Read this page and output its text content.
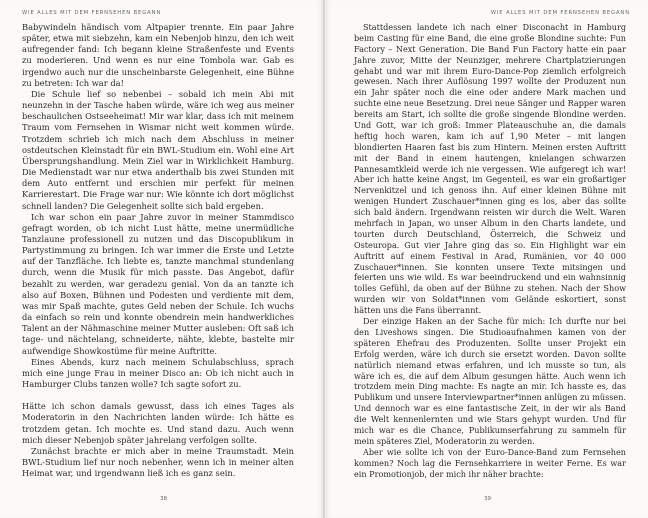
WIE ALLES MIT DEM FERNSEHEN BEGANN

Babywindeln händisch vom Altpapier trennte. Ein paar Jahre später, etwa mit siebzehn, kam ein Nebenjob hinzu, den ich weit aufregender fand: Ich begann kleine Straßenfeste und Events zu moderieren. Und wenn es nur eine Tombola war. Gab es irgendwo auch nur die unscheinbarste Gelegenheit, eine Bühne zu betreten: Ich war da!

Die Schule lief so nebenbei – sobald ich mein Abi mit neunzehn in der Tasche haben würde, wäre ich weg aus meiner beschaulichen Ostseeheimat! Mir war klar, dass ich mit meinem Traum vom Fernsehen in Wismar nicht weit kommen würde. Trotzdem schrieb ich mich nach dem Abschluss in meiner ostdeutschen Kleinstadt für ein BWL-Studium ein. Wohl eine Art Übersprungshandlung. Mein Ziel war in Wirklichkeit Hamburg. Die Medienstadt war nur etwa anderthalb bis zwei Stunden mit dem Auto entfernt und erschien mir perfekt für meinen Karrierestart. Die Frage war nur: Wie könnte ich dort möglichst schnell landen? Die Gelegenheit sollte sich bald ergeben.

Ich war schon ein paar Jahre zuvor in meiner Stammdisco gefragt worden, ob ich nicht Lust hätte, meine unermüdliche Tanzlaune professionell zu nutzen und das Discopublikum in Partystimmung zu bringen. Ich war immer die Erste und Letzte auf der Tanzfläche. Ich liebte es, tanzte manchmal stundenlang durch, wenn die Musik für mich passte. Das Angebot, dafür bezahlt zu werden, war geradezu genial. Von da an tanzte ich also auf Boxen, Bühnen und Podesten und verdiente mit dem, was mir Spaß machte, gutes Geld neben der Schule. Ich wuchs da einfach so rein und konnte obendrein mein handwerkliches Talent an der Nähmaschine meiner Mutter ausleben: Oft saß ich tage- und nächtelang, schneiderte, nähte, klebte, bastelte mir aufwendige Showkostüme für meine Auftritte.

Eines Abends, kurz nach meinem Schulabschluss, sprach mich eine junge Frau in meiner Disco an: Ob ich nicht auch in Hamburger Clubs tanzen wolle? Ich sagte sofort zu.

Hätte ich schon damals gewusst, dass ich eines Tages als Moderatorin in den Nachrichten landen würde: Ich hätte es trotzdem getan. Ich mochte es. Und stand dazu. Auch wenn mich dieser Nebenjob später jahrelang verfolgen sollte.

Zunächst brachte er mich aber in meine Traumstadt. Mein BWL-Studium lief nur noch nebenher, wenn ich in meiner alten Heimat war, und irgendwann ließ ich es ganz sein.

38
WIE ALLES MIT DEM FERNSEHEN BEGANN

Stattdessen landete ich nach einer Disconacht in Hamburg beim Casting für eine Band, die eine große Blondine suchte: Fun Factory – Next Generation. Die Band Fun Factory hatte ein paar Jahre zuvor, Mitte der Neunziger, mehrere Chartplatzierungen gehabt und war mit ihrem Euro-Dance-Pop ziemlich erfolgreich gewesen. Nach ihrer Auflösung 1997 wollte der Produzent nun ein Jahr später noch die eine oder andere Mark machen und suchte eine neue Besetzung. Drei neue Sänger und Rapper waren bereits am Start, ich sollte die große singende Blondine werden. Und Gott, war ich groß: Immer Plateauschuhe an, die damals heftig hoch waren, kam ich auf 1,90 Meter – mit langen blondierten Haaren fast bis zum Hintern. Meinen ersten Auftritt mit der Band in einem hautengen, knielangen schwarzen Pannesamtkleid werde ich nie vergessen. Wie aufgeregt ich war! Aber ich hatte keine Angst, im Gegenteil, es war ein großartiger Nervenkitzel und ich genoss ihn. Auf einer kleinen Bühne mit wenigen Hundert Zuschauer*innen ging es los, aber das sollte sich bald ändern. Irgendwann reisten wir durch die Welt. Waren mehrfach in Japan, wo unser Album in den Charts landete, und tourten durch Deutschland, Österreich, die Schweiz und Osteuropa. Gut vier Jahre ging das so. Ein Highlight war ein Auftritt auf einem Festival in Arad, Rumänien, vor 40 000 Zuschauer*innen. Sie konnten unsere Texte mitsingen und feierten uns wie wild. Es war beeindruckend und ein wahnsinnig tolles Gefühl, da oben auf der Bühne zu stehen. Nach der Show wurden wir von Soldat*innen vom Gelände eskortiert, sonst hätten uns die Fans überrannt.

Der einzige Haken an der Sache für mich: Ich durfte nur bei den Liveshows singen. Die Studioaufnahmen kamen von der späteren Ehefrau des Produzenten. Sollte unser Projekt ein Erfolg werden, wäre ich durch sie ersetzt worden. Davon sollte natürlich niemand etwas erfahren, und ich musste so tun, als wäre ich es, die auf dem Album gesungen hätte. Auch wenn ich trotzdem mein Ding machte: Es nagte an mir. Ich hasste es, das Publikum und unsere Interviewpartner*innen anlügen zu müssen. Und dennoch war es eine fantastische Zeit, in der wir als Band die Welt kennenlernten und wie Stars gehypt wurden. Und für mich war es die Chance, Publikumserfahrung zu sammeln für mein späteres Ziel, Moderatorin zu werden.

Aber wie sollte ich von der Euro-Dance-Band zum Fernsehen kommen? Noch lag die Fernsehkarriere in weiter Ferne. Es war ein Promotionjob, der mich ihr näher brachte:

39
